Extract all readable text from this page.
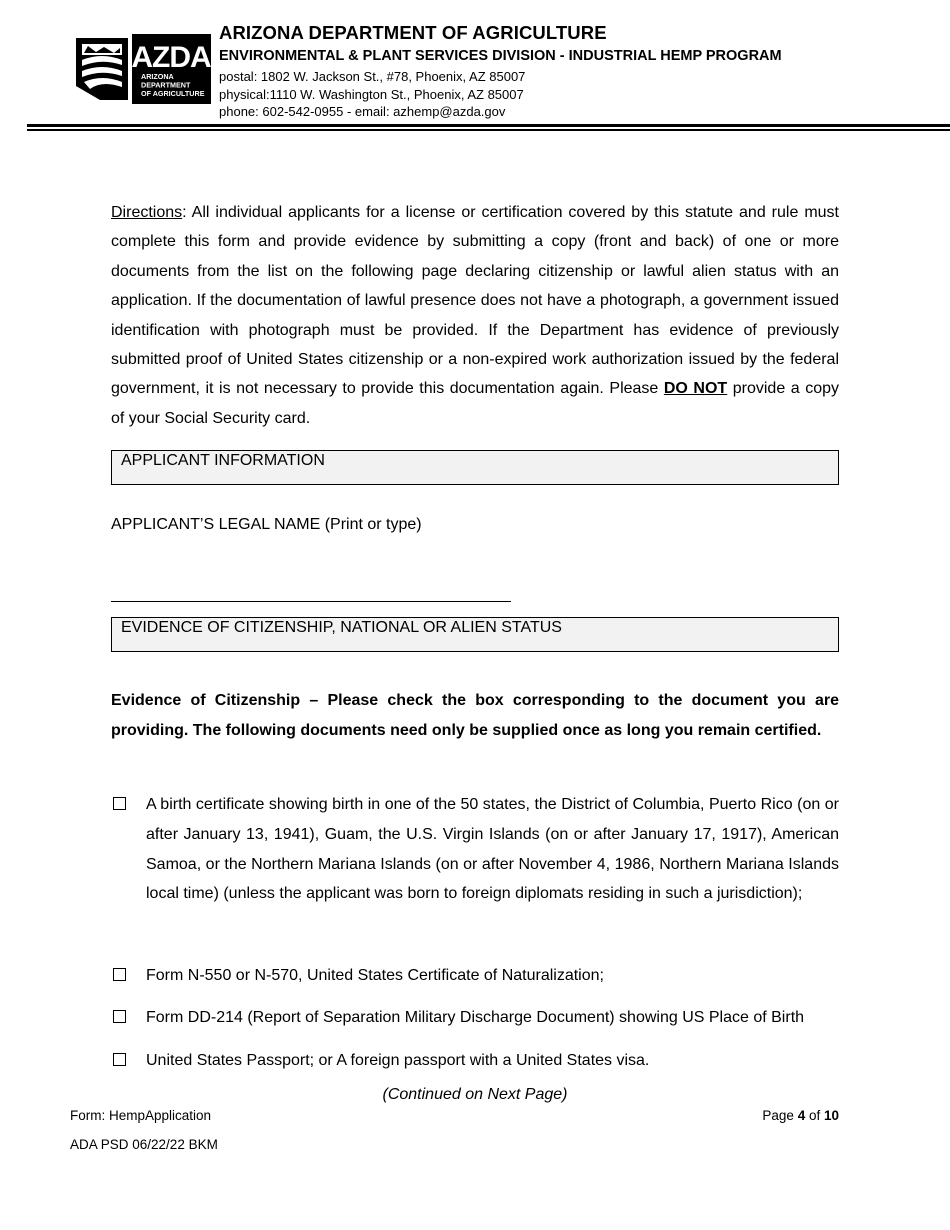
AZDA
ARIZONA
DEPARTMENT
OF AGRICULTURE
ARIZONA DEPARTMENT OF AGRICULTURE
ENVIRONMENTAL & PLANT SERVICES DIVISION - INDUSTRIAL HEMP PROGRAM
postal: 1802 W. Jackson St., #78, Phoenix, AZ 85007
physical:1110 W. Washington St., Phoenix, AZ 85007
phone: 602-542-0955 - email: azhemp@azda.gov
Directions: All individual applicants for a license or certification covered by this statute and rule must complete this form and provide evidence by submitting a copy (front and back) of one or more documents from the list on the following page declaring citizenship or lawful alien status with an application. If the documentation of lawful presence does not have a photograph, a government issued identification with photograph must be provided. If the Department has evidence of previously submitted proof of United States citizenship or a non-expired work authorization issued by the federal government, it is not necessary to provide this documentation again. Please DO NOT provide a copy of your Social Security card.
APPLICANT INFORMATION
APPLICANT’S LEGAL NAME (Print or type)
EVIDENCE OF CITIZENSHIP, NATIONAL OR ALIEN STATUS
Evidence of Citizenship – Please check the box corresponding to the document you are providing. The following documents need only be supplied once as long you remain certified.
A birth certificate showing birth in one of the 50 states, the District of Columbia, Puerto Rico (on or after January 13, 1941), Guam, the U.S. Virgin Islands (on or after January 17, 1917), American Samoa, or the Northern Mariana Islands (on or after November 4, 1986, Northern Mariana Islands local time) (unless the applicant was born to foreign diplomats residing in such a jurisdiction);
Form N-550 or N-570, United States Certificate of Naturalization;
Form DD-214 (Report of Separation Military Discharge Document) showing US Place of Birth
United States Passport; or A foreign passport with a United States visa.
(Continued on Next Page)
Form: HempApplication
ADA PSD 06/22/22 BKM
Page 4 of 10
